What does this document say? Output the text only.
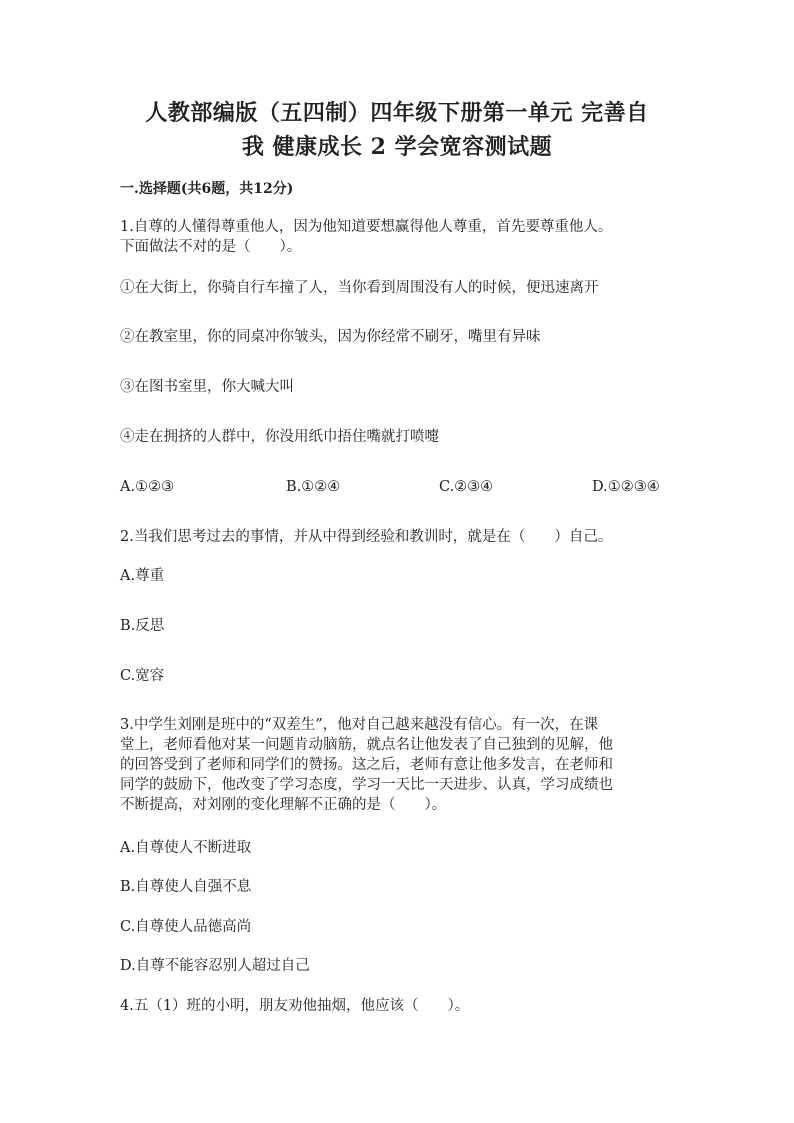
人教部编版（五四制）四年级下册第一单元 完善自
我 健康成长 2 学会宽容测试题
一.选择题(共6题，共12分)
1.自尊的人懂得尊重他人，因为他知道要想赢得他人尊重，首先要尊重他人。
下面做法不对的是（　　）。
①在大街上，你骑自行车撞了人，当你看到周围没有人的时候，便迅速离开
②在教室里，你的同桌冲你皱头，因为你经常不刷牙，嘴里有异味
③在图书室里，你大喊大叫
④走在拥挤的人群中，你没用纸巾捂住嘴就打喷嚏
A.①②③	B.①②④	C.②③④	D.①②③④
2.当我们思考过去的事情，并从中得到经验和教训时，就是在（　　）自己。
A.尊重
B.反思
C.宽容
3.中学生刘刚是班中的“双差生”，他对自己越来越没有信心。有一次，在课
堂上，老师看他对某一问题肯动脑筋，就点名让他发表了自己独到的见解，他
的回答受到了老师和同学们的赞扬。这之后，老师有意让他多发言，在老师和
同学的鼓励下，他改变了学习态度，学习一天比一天进步、认真，学习成绩也
不断提高，对刘刚的变化理解不正确的是（　　）。
A.自尊使人不断进取
B.自尊使人自强不息
C.自尊使人品德高尚
D.自尊不能容忍别人超过自己
4.五（1）班的小明，朋友劝他抽烟，他应该（　　）。
